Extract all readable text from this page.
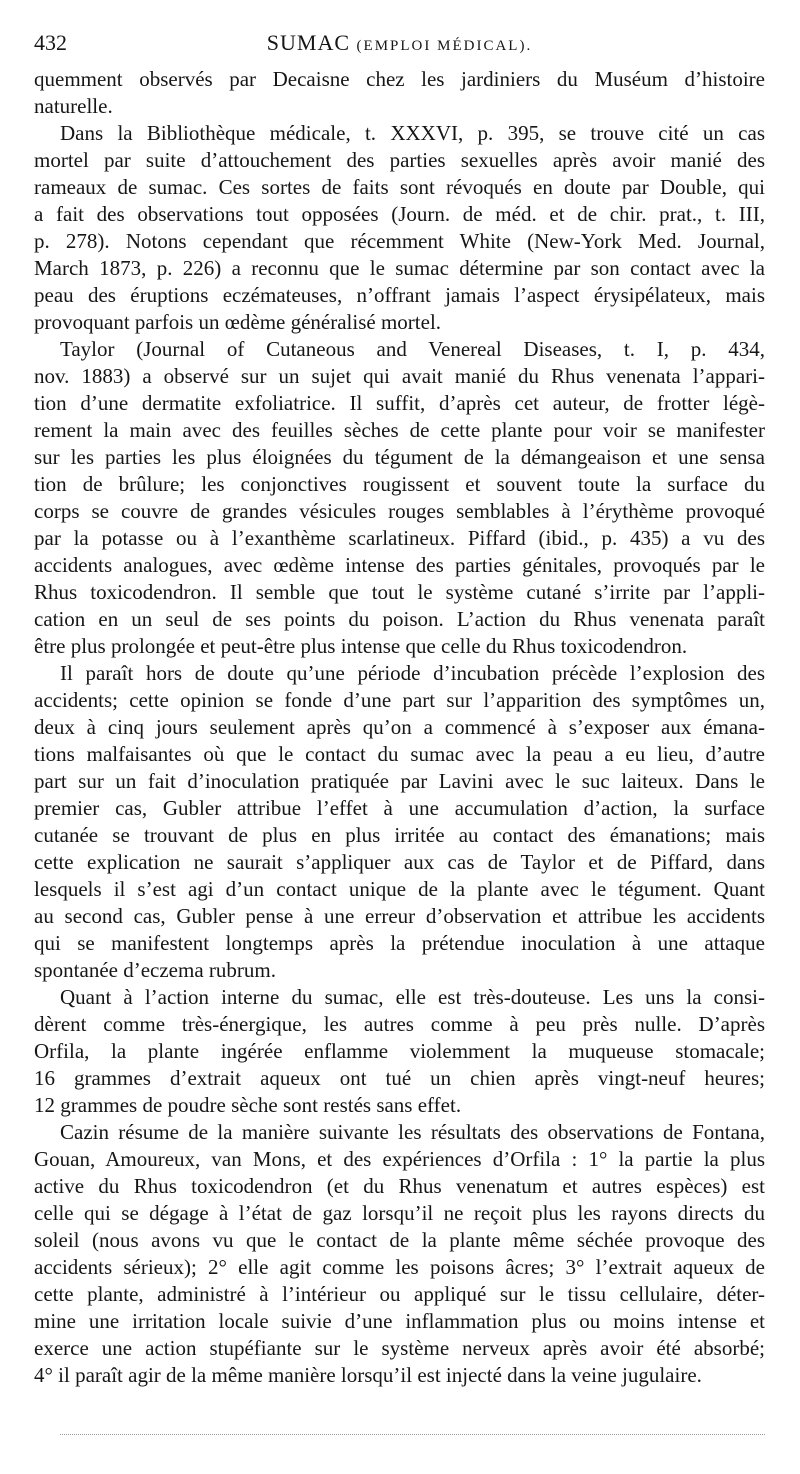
432	SUMAC (EMPLOI MÉDICAL).
quemment observés par Decaisne chez les jardiniers du Muséum d’histoire
naturelle.
Dans la Bibliothèque médicale, t. XXXVI, p. 395, se trouve cité un cas
mortel par suite d’attouchement des parties sexuelles après avoir manié des
rameaux de sumac. Ces sortes de faits sont révoqués en doute par Double, qui
a fait des observations tout opposées (Journ. de méd. et de chir. prat., t. III,
p. 278). Notons cependant que récemment White (New-York Med. Journal,
March 1873, p. 226) a reconnu que le sumac détermine par son contact avec la
peau des éruptions eczémateuses, n’offrant jamais l’aspect érysipélateux, mais
provoquant parfois un œdème généralisé mortel.
Taylor (Journal of Cutaneous and Venereal Diseases, t. I, p. 434,
nov. 1883) a observé sur un sujet qui avait manié du Rhus venenata l’appari-
tion d’une dermatite exfoliatrice. Il suffit, d’après cet auteur, de frotter légè-
rement la main avec des feuilles sèches de cette plante pour voir se manifester
sur les parties les plus éloignées du tégument de la démangeaison et une sensa
tion de brûlure; les conjonctives rougissent et souvent toute la surface du
corps se couvre de grandes vésicules rouges semblables à l’érythème provoqué
par la potasse ou à l’exanthème scarlatineux. Piffard (ibid., p. 435) a vu des
accidents analogues, avec œdème intense des parties génitales, provoqués par le
Rhus toxicodendron. Il semble que tout le système cutané s’irrite par l’appli-
cation en un seul de ses points du poison. L’action du Rhus venenata paraît
être plus prolongée et peut-être plus intense que celle du Rhus toxicodendron.
Il paraît hors de doute qu’une période d’incubation précède l’explosion des
accidents; cette opinion se fonde d’une part sur l’apparition des symptômes un,
deux à cinq jours seulement après qu’on a commencé à s’exposer aux émana-
tions malfaisantes où que le contact du sumac avec la peau a eu lieu, d’autre
part sur un fait d’inoculation pratiquée par Lavini avec le suc laiteux. Dans le
premier cas, Gubler attribue l’effet à une accumulation d’action, la surface
cutanée se trouvant de plus en plus irritée au contact des émanations; mais
cette explication ne saurait s’appliquer aux cas de Taylor et de Piffard, dans
lesquels il s’est agi d’un contact unique de la plante avec le tégument. Quant
au second cas, Gubler pense à une erreur d’observation et attribue les accidents
qui se manifestent longtemps après la prétendue inoculation à une attaque
spontanée d’eczema rubrum.
Quant à l’action interne du sumac, elle est très-douteuse. Les uns la consi-
dèrent comme très-énergique, les autres comme à peu près nulle. D’après
Orfila, la plante ingérée enflamme violemment la muqueuse stomacale;
16 grammes d’extrait aqueux ont tué un chien après vingt-neuf heures;
12 grammes de poudre sèche sont restés sans effet.
Cazin résume de la manière suivante les résultats des observations de Fontana,
Gouan, Amoureux, van Mons, et des expériences d’Orfila : 1° la partie la plus
active du Rhus toxicodendron (et du Rhus venenatum et autres espèces) est
celle qui se dégage à l’état de gaz lorsqu’il ne reçoit plus les rayons directs du
soleil (nous avons vu que le contact de la plante même séchée provoque des
accidents sérieux); 2° elle agit comme les poisons âcres; 3° l’extrait aqueux de
cette plante, administré à l’intérieur ou appliqué sur le tissu cellulaire, déter-
mine une irritation locale suivie d’une inflammation plus ou moins intense et
exerce une action stupéfiante sur le système nerveux après avoir été absorbé;
4° il paraît agir de la même manière lorsqu’il est injecté dans la veine jugulaire.
